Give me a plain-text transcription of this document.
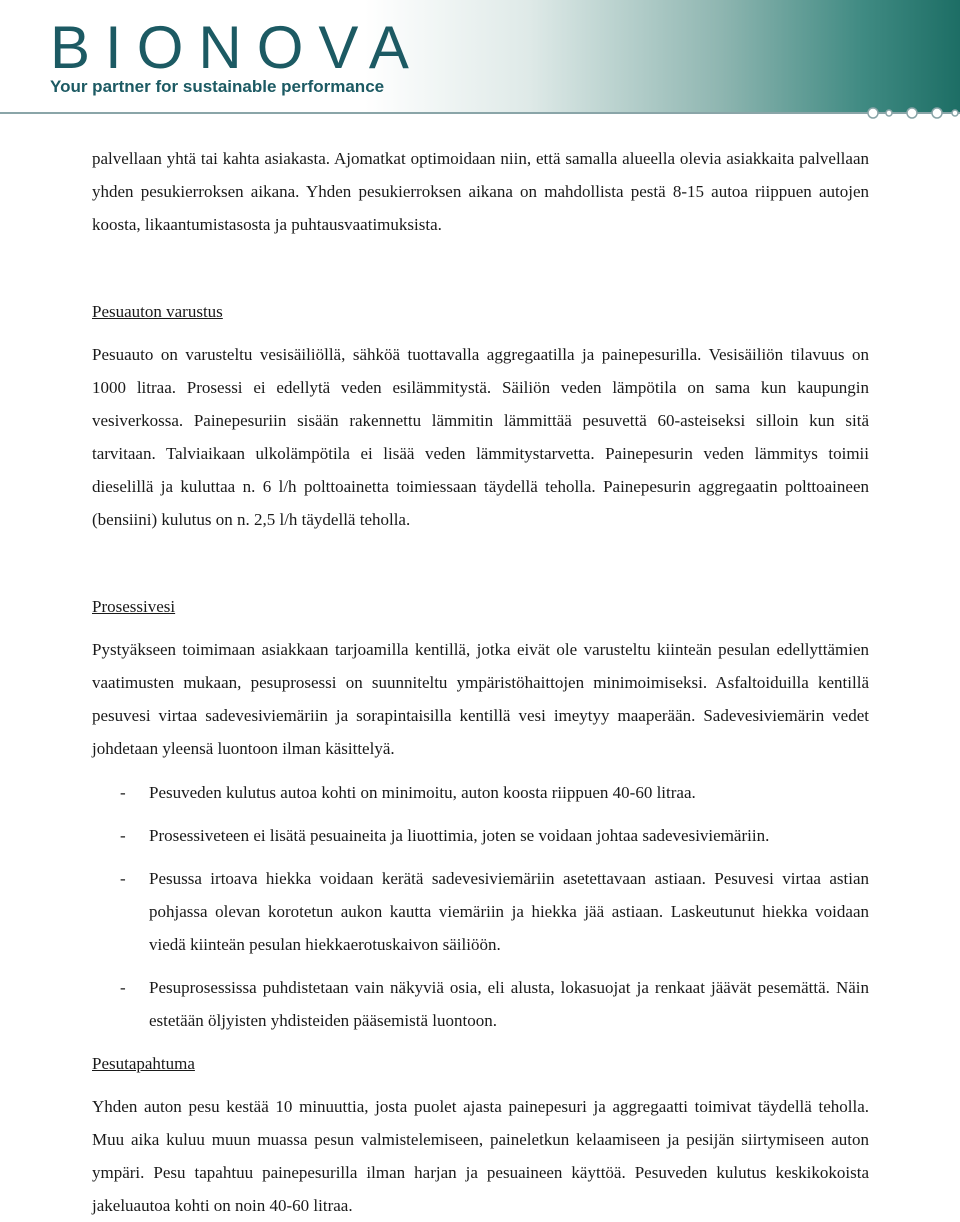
BIONOVA
Your partner for sustainable performance

palvellaan yhtä tai kahta asiakasta. Ajomatkat optimoidaan niin, että samalla alueella olevia asiakkaita palvellaan yhden pesukierroksen aikana. Yhden pesukierroksen aikana on mahdollista pestä 8-15 autoa riippuen autojen koosta, likaantumistasosta ja puhtausvaatimuksista.

Pesuauton varustus

Pesuauto on varusteltu vesisäiliöllä, sähköä tuottavalla aggregaatilla ja painepesurilla. Vesisäiliön tilavuus on 1000 litraa. Prosessi ei edellytä veden esilämmitystä. Säiliön veden lämpötila on sama kun kaupungin vesiverkossa. Painepesuriin sisään rakennettu lämmitin lämmittää pesuvettä 60-asteiseksi silloin kun sitä tarvitaan. Talviaikaan ulkolämpötila ei lisää veden lämmitystarvetta. Painepesurin veden lämmitys toimii dieselillä ja kuluttaa n. 6 l/h polttoainetta toimiessaan täydellä teholla. Painepesurin aggregaatin polttoaineen (bensiini) kulutus on n. 2,5 l/h täydellä teholla.

Prosessivesi

Pystyäkseen toimimaan asiakkaan tarjoamilla kentillä, jotka eivät ole varusteltu kiinteän pesulan edellyttämien vaatimusten mukaan, pesuprosessi on suunniteltu ympäristöhaittojen minimoimiseksi. Asfaltoiduilla kentillä pesuvesi virtaa sadevesiviemäriin ja sorapintaisilla kentillä vesi imeytyy maaperään. Sadevesiviemärin vedet johdetaan yleensä luontoon ilman käsittelyä.

- Pesuveden kulutus autoa kohti on minimoitu, auton koosta riippuen 40-60 litraa.
- Prosessiveteen ei lisätä pesuaineita ja liuottimia, joten se voidaan johtaa sadevesiviemäriin.
- Pesussa irtoava hiekka voidaan kerätä sadevesiviemäriin asetettavaan astiaan. Pesuvesi virtaa astian pohjassa olevan korotetun aukon kautta viemäriin ja hiekka jää astiaan. Laskeutunut hiekka voidaan viedä kiinteän pesulan hiekkaerotuskaivon säiliöön.
- Pesuprosessissa puhdistetaan vain näkyviä osia, eli alusta, lokasuojat ja renkaat jäävät pesemättä. Näin estetään öljyisten yhdisteiden pääsemistä luontoon.

Pesutapahtuma

Yhden auton pesu kestää 10 minuuttia, josta puolet ajasta painepesuri ja aggregaatti toimivat täydellä teholla. Muu aika kuluu muun muassa pesun valmistelemiseen, paineletkun kelaamiseen ja pesijän siirtymiseen auton ympäri. Pesu tapahtuu painepesurilla ilman harjan ja pesuaineen käyttöä. Pesuveden kulutus keskikokoista jakeluautoa kohti on noin 40-60 litraa.
